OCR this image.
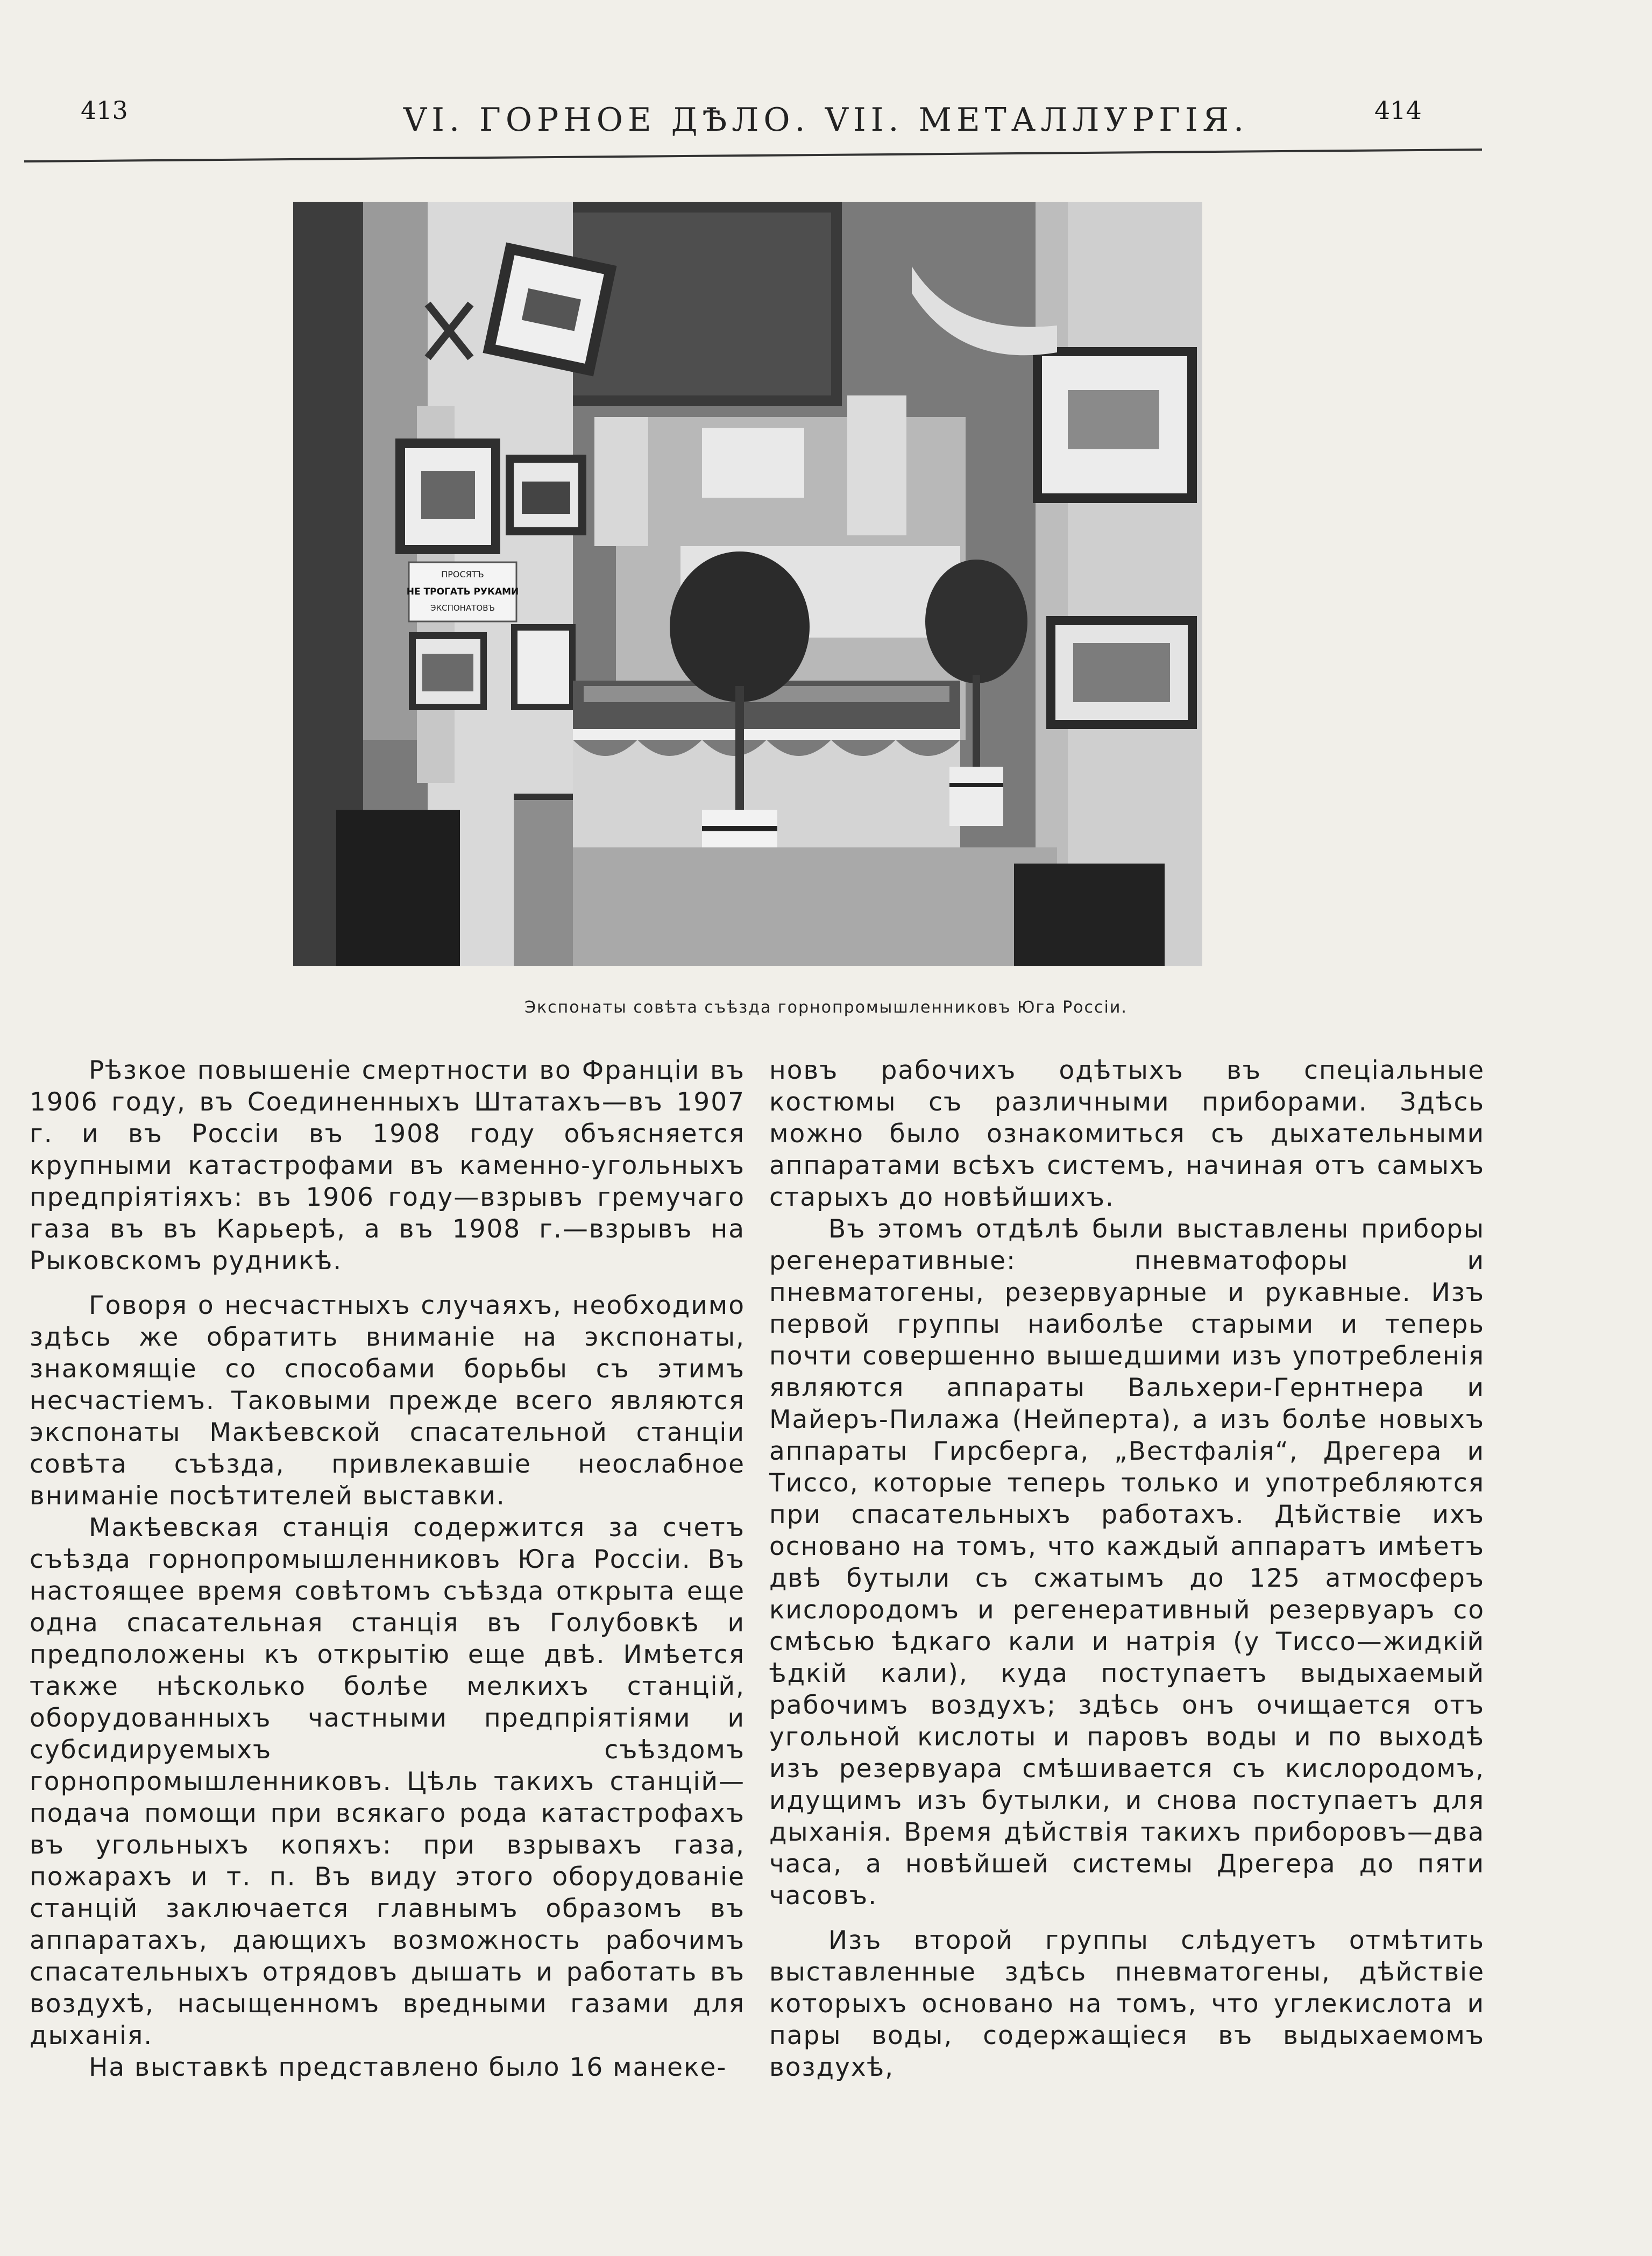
413	VI. ГОРНОЕ ДѢЛО. VII. МЕТАЛЛУРГІЯ.	414
ПРОСЯТЪ
НЕ ТРОГАТЬ РУКАМИ
ЭКСПОНАТОВЪ
Экспонаты совѣта съѣзда горнопромышленниковъ Юга Россіи.

Рѣзкое повышеніе смертности во Франціи въ 1906 году, въ Соединенныхъ Штатахъ—въ 1907 г. и въ Россіи въ 1908 году объясняется крупными катастрофами въ каменно-угольныхъ предпріятіяхъ: въ 1906 году—взрывъ гремучаго газа въ въ Карьерѣ, а въ 1908 г.—взрывъ на Рыковскомъ рудникѣ.

Говоря о несчастныхъ случаяхъ, необходимо здѣсь же обратить вниманіе на экспонаты, знакомящіе со способами борьбы съ этимъ несчастіемъ. Таковыми прежде всего являются экспонаты Макѣевской спасательной станціи совѣта съѣзда, привлекавшіе неослабное вниманіе посѣтителей выставки.

Макѣевская станція содержится за счетъ съѣзда горнопромышленниковъ Юга Россіи. Въ настоящее время совѣтомъ съѣзда открыта еще одна спасательная станція въ Голубовкѣ и предположены къ открытію еще двѣ. Имѣется также нѣсколько болѣе мелкихъ станцій, оборудованныхъ частными предпріятіями и субсидируемыхъ съѣздомъ горнопромышленниковъ. Цѣль такихъ станцій—подача помощи при всякаго рода катастрофахъ въ угольныхъ копяхъ: при взрывахъ газа, пожарахъ и т. п. Въ виду этого оборудованіе станцій заключается главнымъ образомъ въ аппаратахъ, дающихъ возможность рабочимъ спасательныхъ отрядовъ дышать и работать въ воздухѣ, насыщенномъ вредными газами для дыханія.

На выставкѣ представлено было 16 манеке-

новъ рабочихъ одѣтыхъ въ спеціальные костюмы съ различными приборами. Здѣсь можно было ознакомиться съ дыхательными аппаратами всѣхъ системъ, начиная отъ самыхъ старыхъ до новѣйшихъ.

Въ этомъ отдѣлѣ были выставлены приборы регенеративные: пневматофоры и пневматогены, резервуарные и рукавные. Изъ первой группы наиболѣе старыми и теперь почти совершенно вышедшими изъ употребленія являются аппараты Вальхери-Гернтнера и Майеръ-Пилажа (Нейперта), а изъ болѣе новыхъ аппараты Гирсберга, „Вестфалія“, Дрегера и Тиссо, которые теперь только и употребляются при спасательныхъ работахъ. Дѣйствіе ихъ основано на томъ, что каждый аппаратъ имѣетъ двѣ бутыли съ сжатымъ до 125 атмосферъ кислородомъ и регенеративный резервуаръ со смѣсью ѣдкаго кали и натрія (у Тиссо—жидкій ѣдкій кали), куда поступаетъ выдыхаемый рабочимъ воздухъ; здѣсь онъ очищается отъ угольной кислоты и паровъ воды и по выходѣ изъ резервуара смѣшивается съ кислородомъ, идущимъ изъ бутылки, и снова поступаетъ для дыханія. Время дѣйствія такихъ приборовъ—два часа, а новѣйшей системы Дрегера до пяти часовъ.

Изъ второй группы слѣдуетъ отмѣтить выставленные здѣсь пневматогены, дѣйствіе которыхъ основано на томъ, что углекислота и пары воды, содержащіеся въ выдыхаемомъ воздухѣ,
